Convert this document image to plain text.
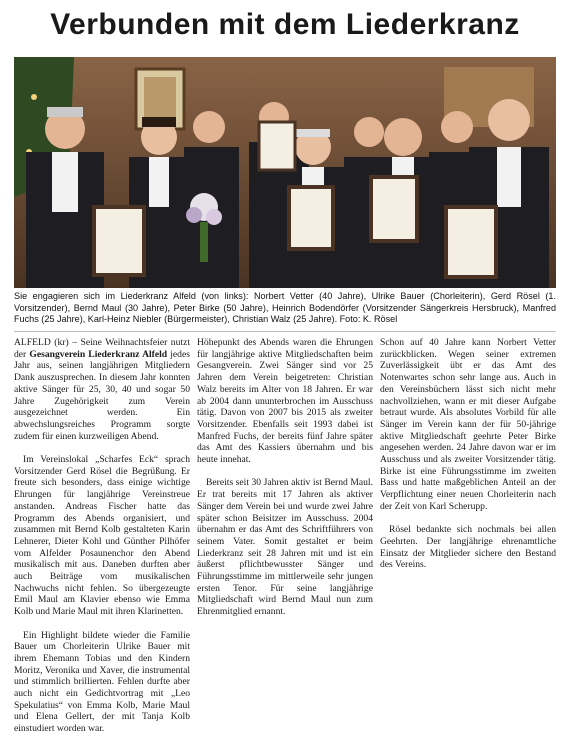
Verbunden mit dem Liederkranz

Sie engagieren sich im Liederkranz Alfeld (von links): Norbert Vetter (40 Jahre), Ulrike Bauer (Chorleiterin), Gerd Rösel (1. Vorsitzender), Bernd Maul (30 Jahre), Peter Birke (50 Jahre), Heinrich Bodendörfer (Vorsitzender Sängerkreis Hersbruck), Manfred Fuchs (25 Jahre), Karl-Heinz Niebler (Bürgermeister), Christian Walz (25 Jahre). Foto: K. Rösel

ALFELD (kr) – Seine Weihnachtsfeier nutzt der Gesangverein Liederkranz Alfeld jedes Jahr aus, seinen langjährigen Mitgliedern Dank auszusprechen. In diesem Jahr konnten aktive Sänger für 25, 30, 40 und sogar 50 Jahre Zugehörigkeit zum Verein ausgezeichnet werden. Ein abwechslungsreiches Programm sorgte zudem für einen kurzweiligen Abend.

Im Vereinslokal „Scharfes Eck“ sprach Vorsitzender Gerd Rösel die Begrüßung. Er freute sich besonders, dass einige wichtige Ehrungen für langjährige Vereinstreue anstanden. Andreas Fischer hatte das Programm des Abends organisiert, und zusammen mit Bernd Kolb gestalteten Karin Lehnerer, Dieter Kohl und Günther Pilhöfer vom Alfelder Posaunenchor den Abend musikalisch mit aus. Daneben durften aber auch Beiträge vom musikalischen Nachwuchs nicht fehlen. So übergezeugte Emil Maul am Klavier ebenso wie Emma Kolb und Marie Maul mit ihren Klarinetten.

Ein Highlight bildete wieder die Familie Bauer um Chorleiterin Ulrike Bauer mit ihrem Ehemann Tobias und den Kindern Moritz, Veronika und Xaver, die instrumental und stimmlich brillierten. Fehlen durfte aber auch nicht ein Gedichtvortrag mit „Leo Spekulatius“ von Emma Kolb, Marie Maul und Elena Gellert, der mit Tanja Kolb einstudiert worden war.

Höhepunkt des Abends waren die Ehrungen für langjährige aktive Mitgliedschaften beim Gesangverein. Zwei Sänger sind vor 25 Jahren dem Verein beigetreten: Christian Walz bereits im Alter von 18 Jahren. Er war ab 2004 dann ununterbrochen im Ausschuss tätig. Davon von 2007 bis 2015 als zweiter Vorsitzender. Ebenfalls seit 1993 dabei ist Manfred Fuchs, der bereits fünf Jahre später das Amt des Kassiers übernahm und bis heute innehat.

Bereits seit 30 Jahren aktiv ist Bernd Maul. Er trat bereits mit 17 Jahren als aktiver Sänger dem Verein bei und wurde zwei Jahre später schon Beisitzer im Ausschuss. 2004 übernahm er das Amt des Schriftführers von seinem Vater. Somit gestaltet er beim Liederkranz seit 28 Jahren mit und ist ein äußerst pflichtbewusster Sänger und Führungsstimme im mittlerweile sehr jungen ersten Tenor. Für seine langjährige Mitgliedschaft wird Bernd Maul nun zum Ehrenmitglied ernannt.

Schon auf 40 Jahre kann Norbert Vetter zurückblicken. Wegen seiner extremen Zuverlässigkeit übt er das Amt des Notenwartes schon sehr lange aus. Auch in den Vereinsbüchern lässt sich nicht mehr nachvollziehen, wann er mit dieser Aufgabe betraut wurde. Als absolutes Vorbild für alle Sänger im Verein kann der für 50-jährige aktive Mitgliedschaft geehrte Peter Birke angesehen werden. 24 Jahre davon war er im Ausschuss und als zweiter Vorsitzender tätig. Birke ist eine Führungsstimme im zweiten Bass und hatte maßgeblichen Anteil an der Verpflichtung einer neuen Chorleiterin nach der Zeit von Karl Scherupp.

Rösel bedankte sich nochmals bei allen Geehrten. Der langjährige ehrenamtliche Einsatz der Mitglieder sichere den Bestand des Vereins.
